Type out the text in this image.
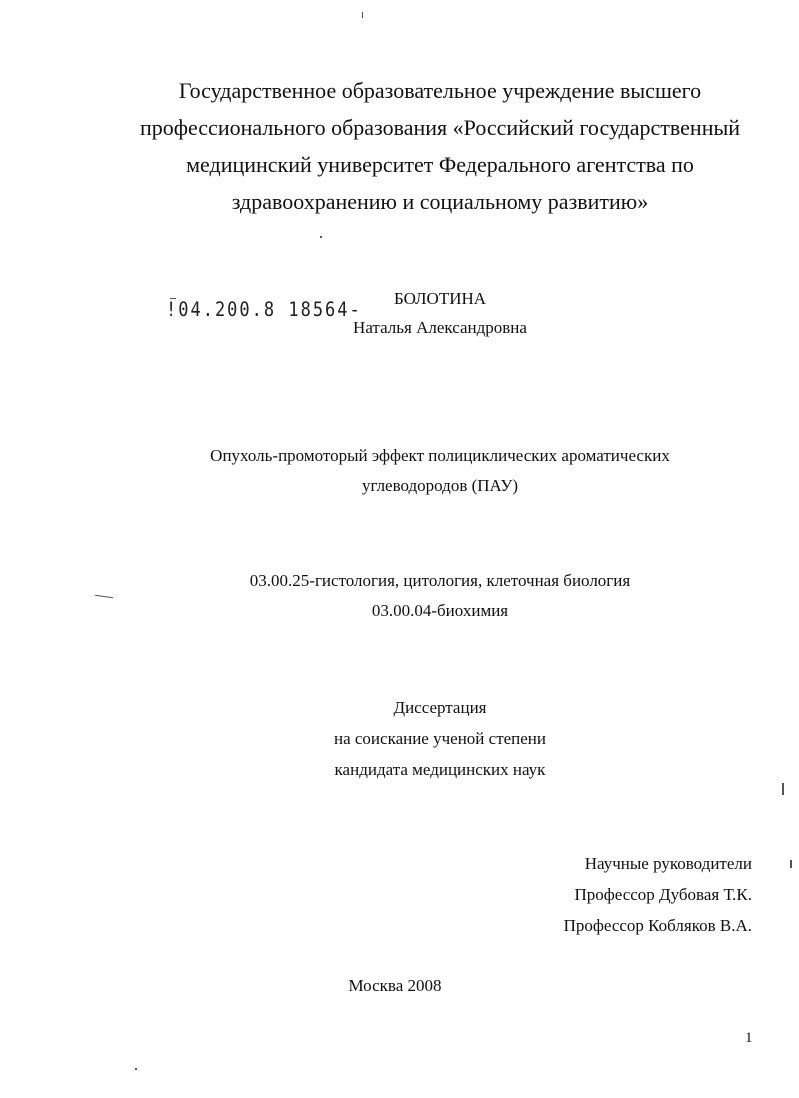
Государственное образовательное учреждение высшего
профессионального образования «Российский государственный
медицинский университет Федерального агентства по
здравоохранению и социальному развитию»
!04.200.8 18564-	БОЛОТИНА
Наталья Александровна
Опухоль-промоторый эффект полициклических ароматических
углеводородов (ПАУ)
03.00.25-гистология, цитология, клеточная биология
03.00.04-биохимия
Диссертация
на соискание ученой степени
кандидата медицинских наук
Научные руководители
Профессор Дубовая Т.К.
Профессор Кобляков В.А.
Москва 2008
1
